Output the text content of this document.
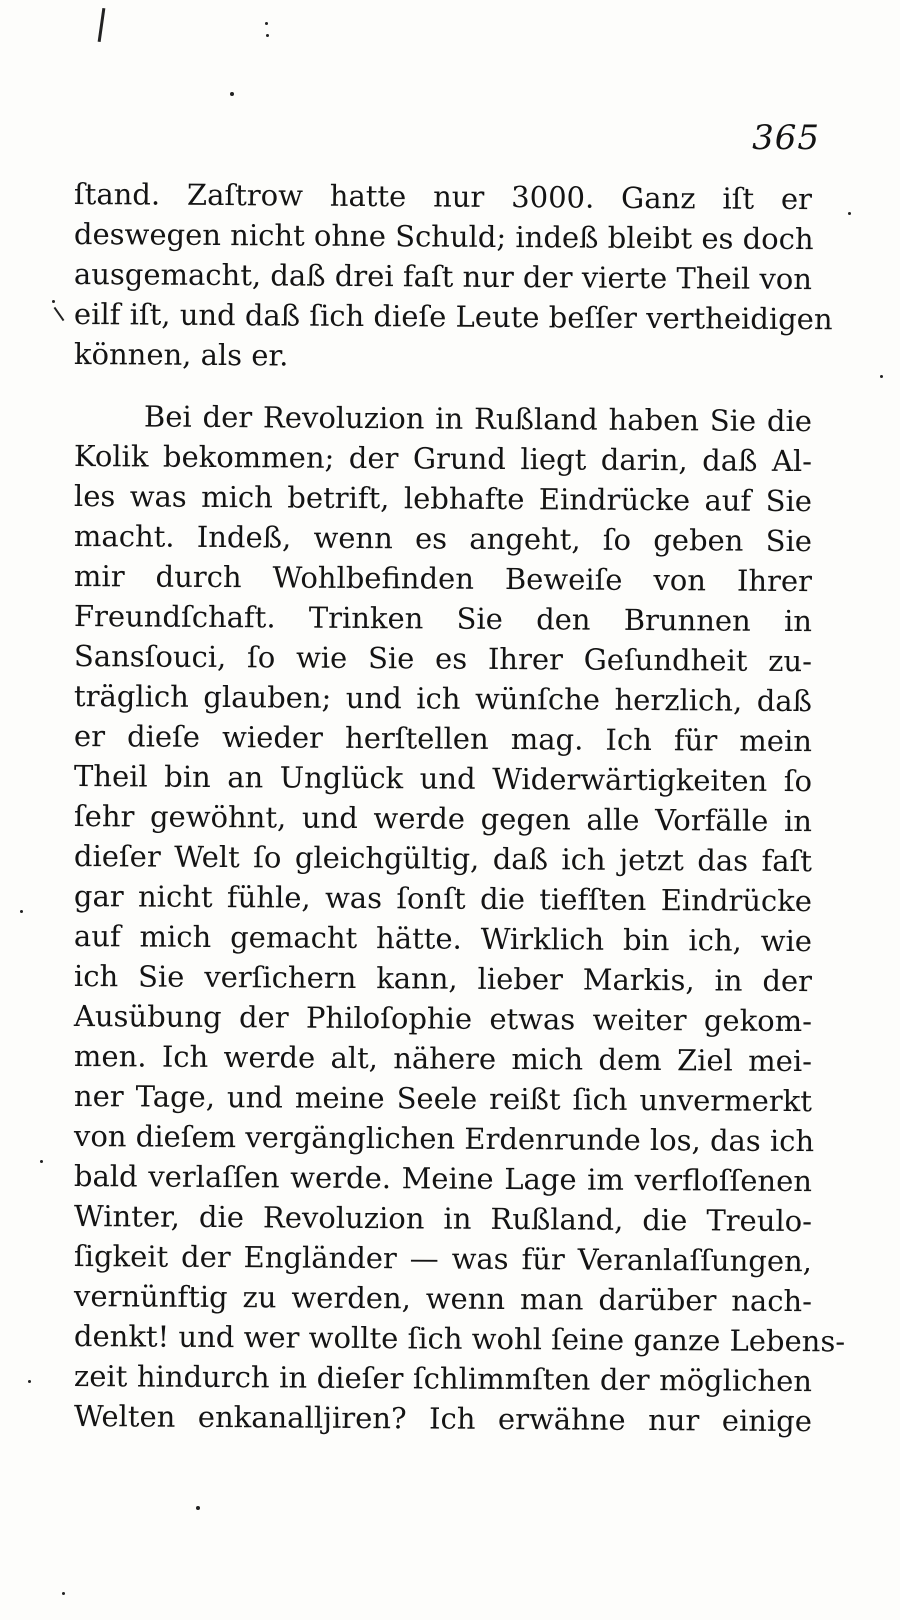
365
ſtand. Zaſtrow hatte nur 3000. Ganz iſt er
deswegen nicht ohne Schuld; indeß bleibt es doch
ausgemacht, daß drei faſt nur der vierte Theil von
eilf iſt, und daß ſich dieſe Leute beſſer vertheidigen
können, als er.
Bei der Revoluzion in Rußland haben Sie die
Kolik bekommen; der Grund liegt darin, daß Al-
les was mich betrift, lebhafte Eindrücke auf Sie
macht. Indeß, wenn es angeht, ſo geben Sie
mir durch Wohlbefinden Beweiſe von Ihrer
Freundſchaft. Trinken Sie den Brunnen in
Sansſouci, ſo wie Sie es Ihrer Geſundheit zu-
träglich glauben; und ich wünſche herzlich, daß
er dieſe wieder herſtellen mag. Ich für mein
Theil bin an Unglück und Widerwärtigkeiten ſo
ſehr gewöhnt, und werde gegen alle Vorfälle in
dieſer Welt ſo gleichgültig, daß ich jetzt das faſt
gar nicht fühle, was ſonſt die tiefſten Eindrücke
auf mich gemacht hätte. Wirklich bin ich, wie
ich Sie verſichern kann, lieber Markis, in der
Ausübung der Philoſophie etwas weiter gekom-
men. Ich werde alt, nähere mich dem Ziel mei-
ner Tage, und meine Seele reißt ſich unvermerkt
von dieſem vergänglichen Erdenrunde los, das ich
bald verlaſſen werde. Meine Lage im verfloſſenen
Winter, die Revoluzion in Rußland, die Treulo-
ſigkeit der Engländer — was für Veranlaſſungen,
vernünftig zu werden, wenn man darüber nach-
denkt! und wer wollte ſich wohl ſeine ganze Lebens-
zeit hindurch in dieſer ſchlimmſten der möglichen
Welten enkanalljiren? Ich erwähne nur einige
